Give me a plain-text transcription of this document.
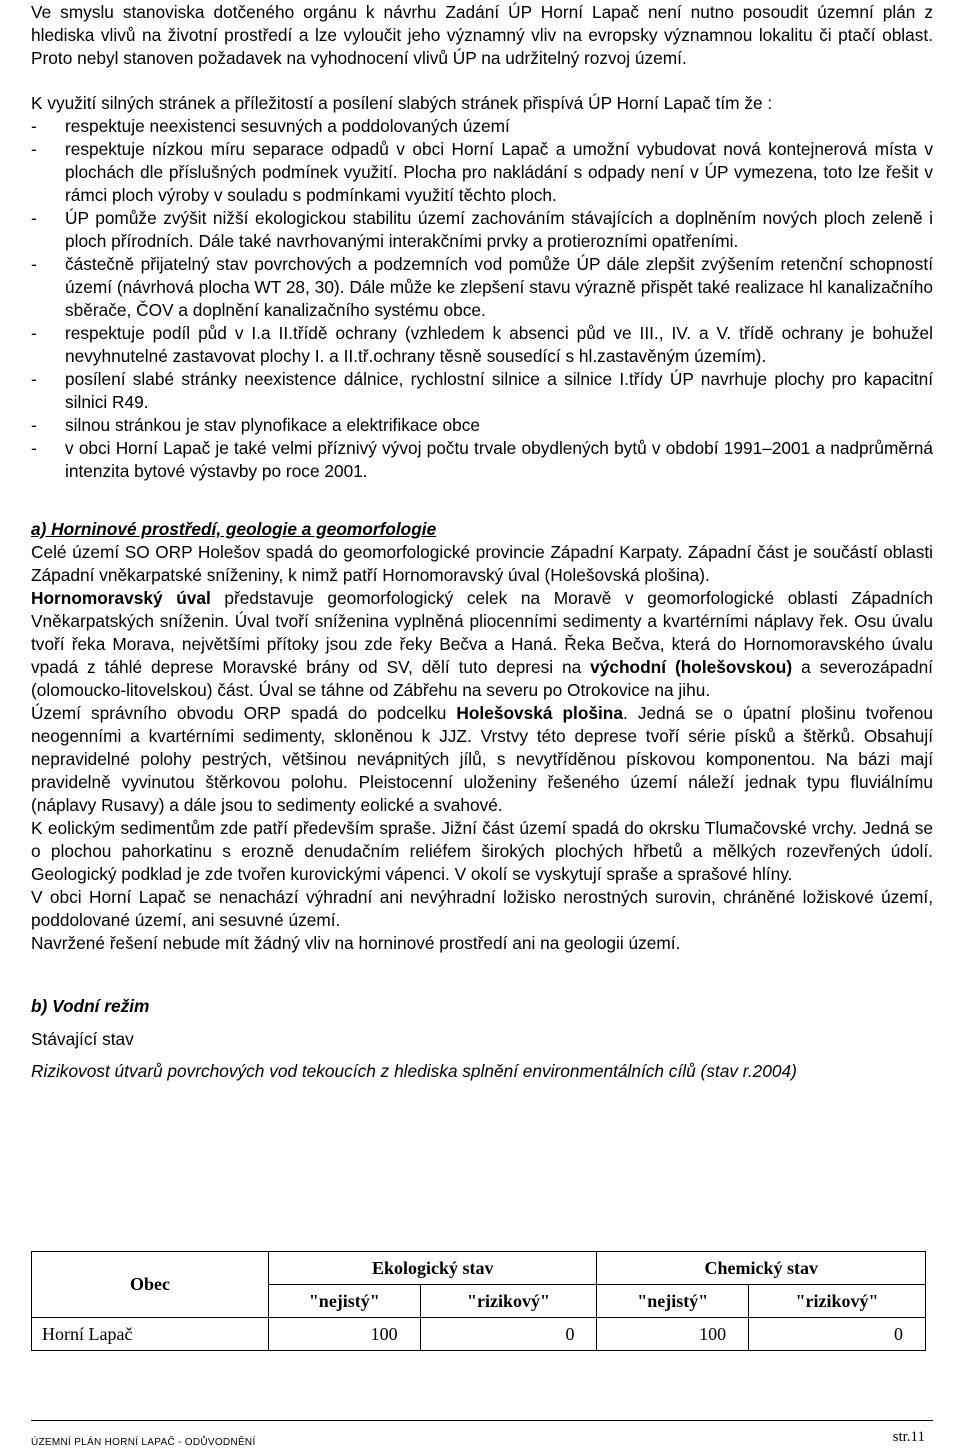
Ve smyslu stanoviska dotčeného orgánu k návrhu Zadání ÚP Horní Lapač není nutno posoudit územní plán z hlediska vlivů na životní prostředí a lze vyloučit jeho významný vliv na evropsky významnou lokalitu či ptačí oblast. Proto nebyl stanoven požadavek na vyhodnocení vlivů ÚP na udržitelný rozvoj území.

K využití silných stránek a příležitostí a posílení slabých stránek přispívá ÚP Horní Lapač tím že :

- respektuje neexistenci sesuvných a poddolovaných území
- respektuje nízkou míru separace odpadů v obci Horní Lapač a umožní vybudovat nová kontejnerová místa v plochách dle příslušných podmínek využití. Plocha pro nakládání s odpady není v ÚP vymezena, toto lze řešit v rámci ploch výroby v souladu s podmínkami využití těchto ploch.
- ÚP pomůže zvýšit nižší ekologickou stabilitu území zachováním stávajících a doplněním nových ploch zeleně i ploch přírodních. Dále také navrhovanými interakčními prvky a protierozními opatřeními.
- částečně přijatelný stav povrchových a podzemních vod pomůže ÚP dále zlepšit zvýšením retenční schopností území (návrhová plocha WT 28, 30). Dále může ke zlepšení stavu výrazně přispět také realizace hl kanalizačního sběrače, ČOV a doplnění kanalizačního systému obce.
- respektuje podíl půd v I.a II.třídě ochrany (vzhledem k absenci půd ve III., IV. a V. třídě ochrany je bohužel nevyhnutelné zastavovat plochy I. a II.tř.ochrany těsně sousedící s hl.zastavěným územím).
- posílení slabé stránky neexistence dálnice, rychlostní silnice a silnice I.třídy ÚP navrhuje plochy pro kapacitní silnici R49.
- silnou stránkou je stav plynofikace a elektrifikace obce
- v obci Horní Lapač je také velmi příznivý vývoj počtu trvale obydlených bytů v období 1991–2001 a nadprůměrná intenzita bytové výstavby po roce 2001.

a) Horninové prostředí, geologie a geomorfologie

Celé území SO ORP Holešov spadá do geomorfologické provincie Západní Karpaty. Západní část je součástí oblasti Západní vněkarpatské sníženiny, k nimž patří Hornomoravský úval (Holešovská plošina).

Hornomoravský úval představuje geomorfologický celek na Moravě v geomorfologické oblasti Západních Vněkarpatských sníženin. Úval tvoří sníženina vyplněná pliocenními sedimenty a kvartérními náplavy řek. Osu úvalu tvoří řeka Morava, největšími přítoky jsou zde řeky Bečva a Haná. Řeka Bečva, která do Hornomoravského úvalu vpadá z táhlé deprese Moravské brány od SV, dělí tuto depresi na východní (holešovskou) a severozápadní (olomoucko-litovelskou) část. Úval se táhne od Zábřehu na severu po Otrokovice na jihu.

Území správního obvodu ORP spadá do podcelku Holešovská plošina. Jedná se o úpatní plošinu tvořenou neogenními a kvartérními sedimenty, skloněnou k JJZ. Vrstvy této deprese tvoří série písků a štěrků. Obsahují nepravidelné polohy pestrých, většinou nevápnitých jílů, s nevytříděnou pískovou komponentou. Na bázi mají pravidelně vyvinutou štěrkovou polohu. Pleistocenní uloženiny řešeného území náleží jednak typu fluviálnímu (náplavy Rusavy) a dále jsou to sedimenty eolické a svahové.

K eolickým sedimentům zde patří především spraše. Jižní část území spadá do okrsku Tlumačovské vrchy. Jedná se o plochou pahorkatinu s erozně denudačním reliéfem širokých plochých hřbetů a mělkých rozevřených údolí. Geologický podklad je zde tvořen kurovickými vápenci. V okolí se vyskytují spraše a sprašové hlíny.

V obci Horní Lapač se nenachází výhradní ani nevýhradní ložisko nerostných surovin, chráněné ložiskové území, poddolované území, ani sesuvné území.

Navržené řešení nebude mít žádný vliv na horninové prostředí ani na geologii území.

b) Vodní režim

Stávající stav

Rizikovost útvarů povrchových vod tekoucích z hlediska splnění environmentálních cílů (stav r.2004)

Obec	Ekologický stav		Chemický stav	
	"nejistý"	"rizikový"	"nejistý"	"rizikový"
Horní Lapač	100	0	100	0
ÚZEMNÍ PLÁN HORNÍ LAPAČ - ODŮVODNĚNÍ	str.11
